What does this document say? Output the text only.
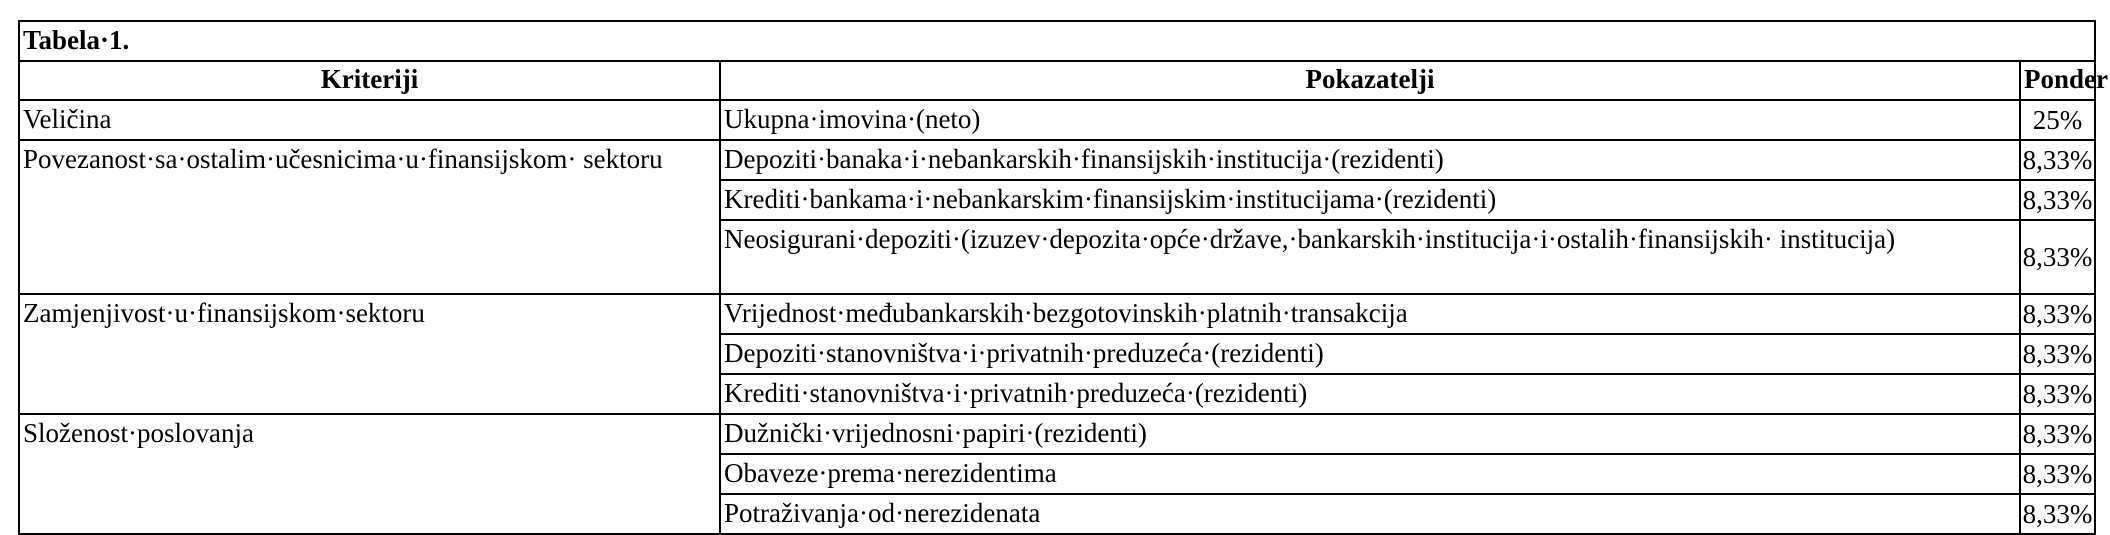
Tabela·1.		
Kriteriji	Pokazatelji	Ponder
Veličina	Ukupna·imovina·(neto)	25%
Povezanost·sa·ostalim·učesnicima·u·finansijskom· sektoru	Depoziti·banaka·i·nebankarskih·finansijskih·institucija·(rezidenti)	8,33%
	Krediti·bankama·i·nebankarskim·finansijskim·institucijama·(rezidenti)	8,33%
	Neosigurani·depoziti·(izuzev·depozita·opće·države,·bankarskih·institucija·i·ostalih·finansijskih· institucija)	8,33%
Zamjenjivost·u·finansijskom·sektoru	Vrijednost·međubankarskih·bezgotovinskih·platnih·transakcija	8,33%
	Depoziti·stanovništva·i·privatnih·preduzeća·(rezidenti)	8,33%
	Krediti·stanovništva·i·privatnih·preduzeća·(rezidenti)	8,33%
Složenost·poslovanja	Dužnički·vrijednosni·papiri·(rezidenti)	8,33%
	Obaveze·prema·nerezidentima	8,33%
	Potraživanja·od·nerezidenata	8,33%
